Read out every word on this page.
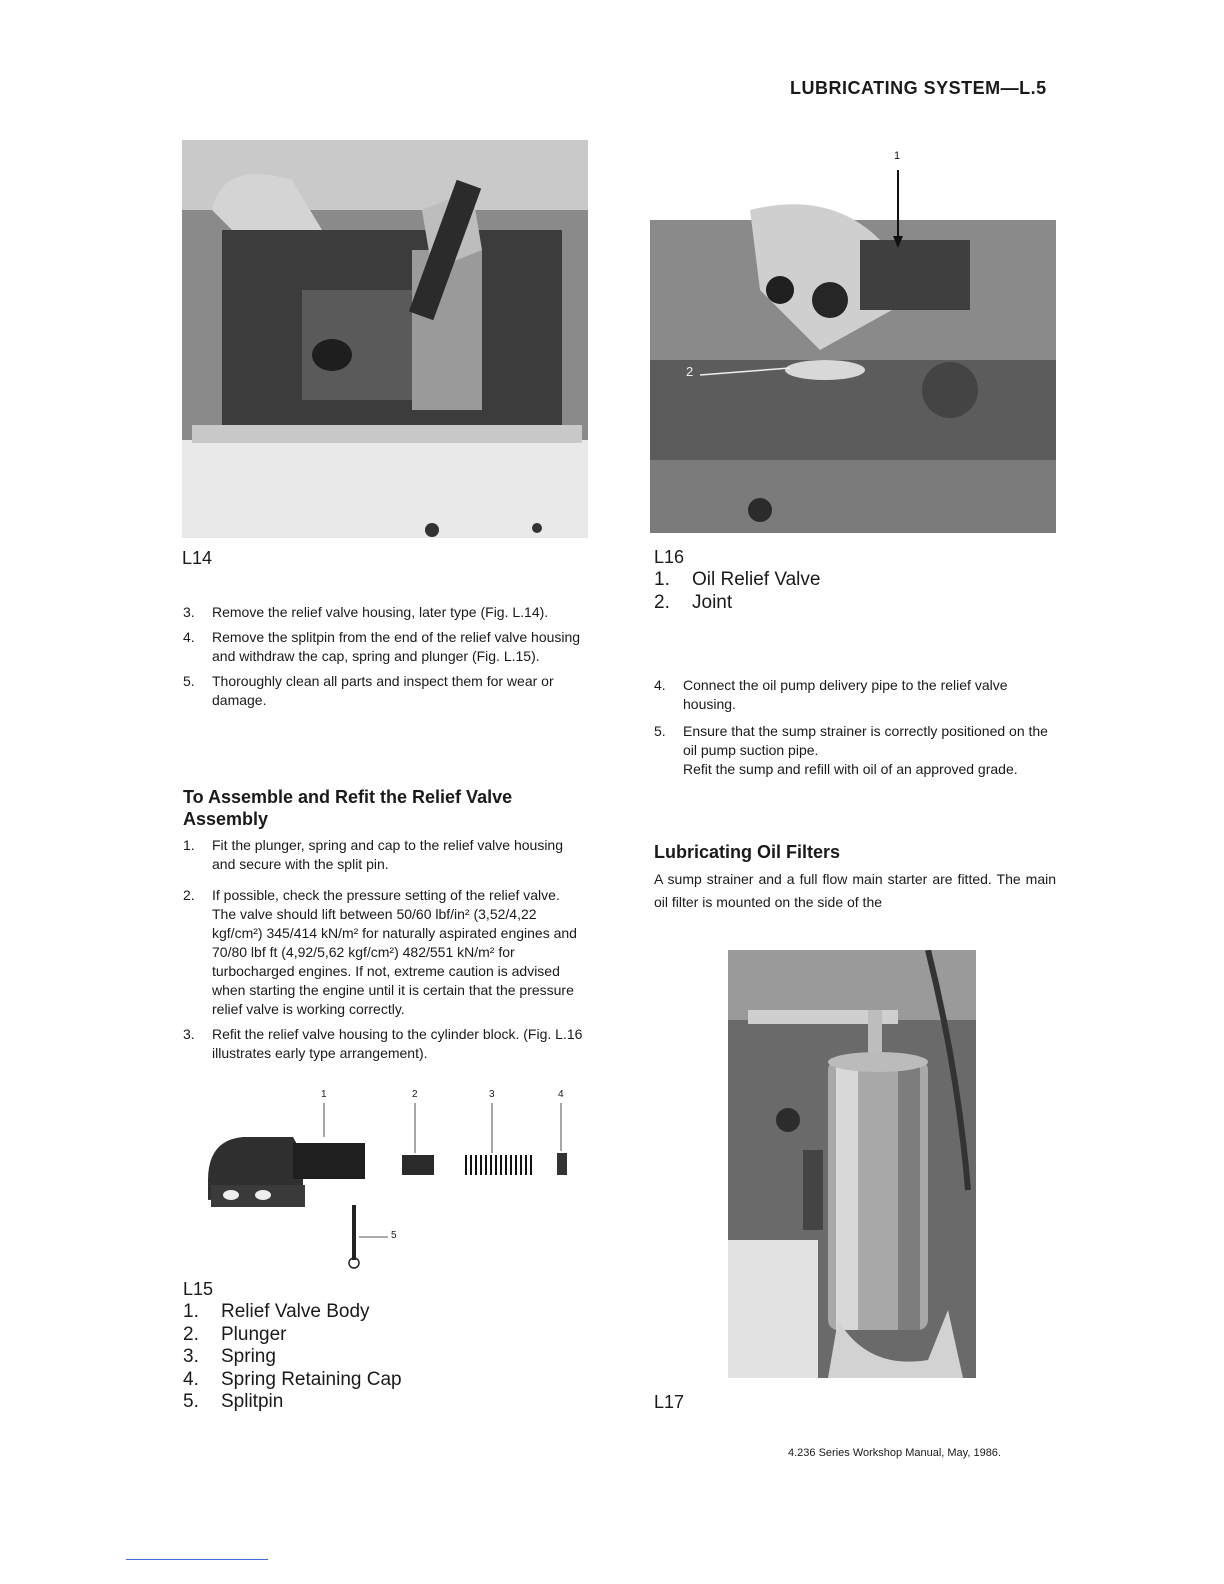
LUBRICATING SYSTEM—L.5
L14
1
2
L16
1. Oil Relief Valve
2. Joint
3. Remove the relief valve housing, later type (Fig. L.14).
4. Remove the splitpin from the end of the relief valve housing and withdraw the cap, spring and plunger (Fig. L.15).
5. Thoroughly clean all parts and inspect them for wear or damage.
To Assemble and Refit the Relief Valve Assembly
1. Fit the plunger, spring and cap to the relief valve housing and secure with the split pin.
2. If possible, check the pressure setting of the relief valve. The valve should lift between 50/60 lbf/in² (3,52/4,22 kgf/cm²) 345/414 kN/m² for naturally aspirated engines and 70/80 lbf ft (4,92/5,62 kgf/cm²) 482/551 kN/m² for turbocharged engines. If not, extreme caution is advised when starting the engine until it is certain that the pressure relief valve is working correctly.
3. Refit the relief valve housing to the cylinder block. (Fig. L.16 illustrates early type arrangement).
1	2	3	4
5
L15
1. Relief Valve Body
2. Plunger
3. Spring
4. Spring Retaining Cap
5. Splitpin
4. Connect the oil pump delivery pipe to the relief valve housing.
5. Ensure that the sump strainer is correctly positioned on the oil pump suction pipe.
Refit the sump and refill with oil of an approved grade.
Lubricating Oil Filters
A sump strainer and a full flow main starter are fitted. The main oil filter is mounted on the side of the
L17
4.236 Series Workshop Manual, May, 1986.
